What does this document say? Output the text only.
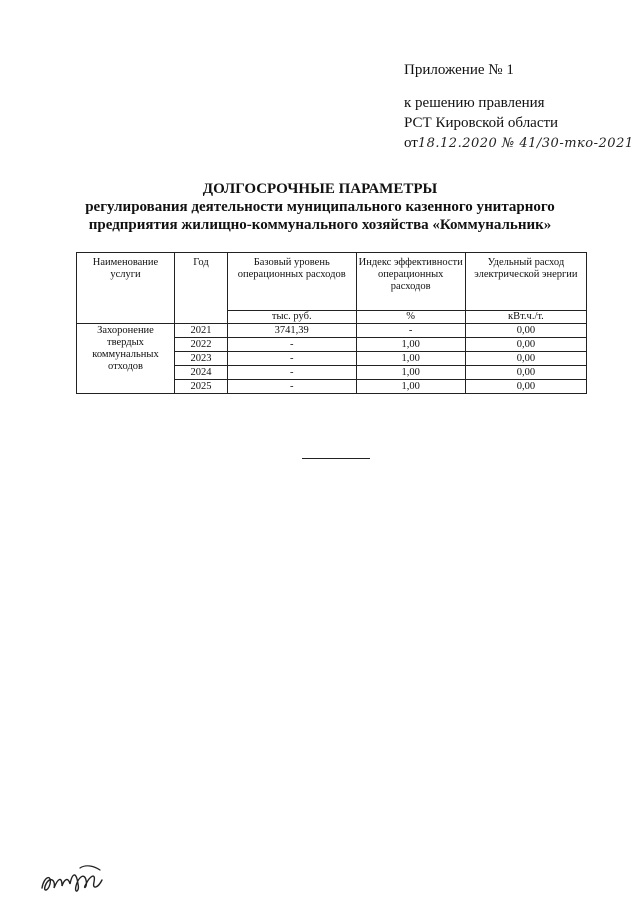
Приложение № 1
к решению правления
РСТ Кировской области
от18.12.2020 № 41/30-тко-2021
ДОЛГОСРОЧНЫЕ ПАРАМЕТРЫ
регулирования деятельности муниципального казенного унитарного
предприятия жилищно-коммунального хозяйства «Коммунальник»
Наименование услуги	Год	Базовый уровень операционных расходов	Индекс эффективности операционных расходов	Удельный расход электрической энергии
		тыс. руб.	%	кВт.ч./т.
Захоронение твердых коммунальных отходов	2021	3741,39	-	0,00
	2022	-	1,00	0,00
	2023	-	1,00	0,00
	2024	-	1,00	0,00
	2025	-	1,00	0,00
